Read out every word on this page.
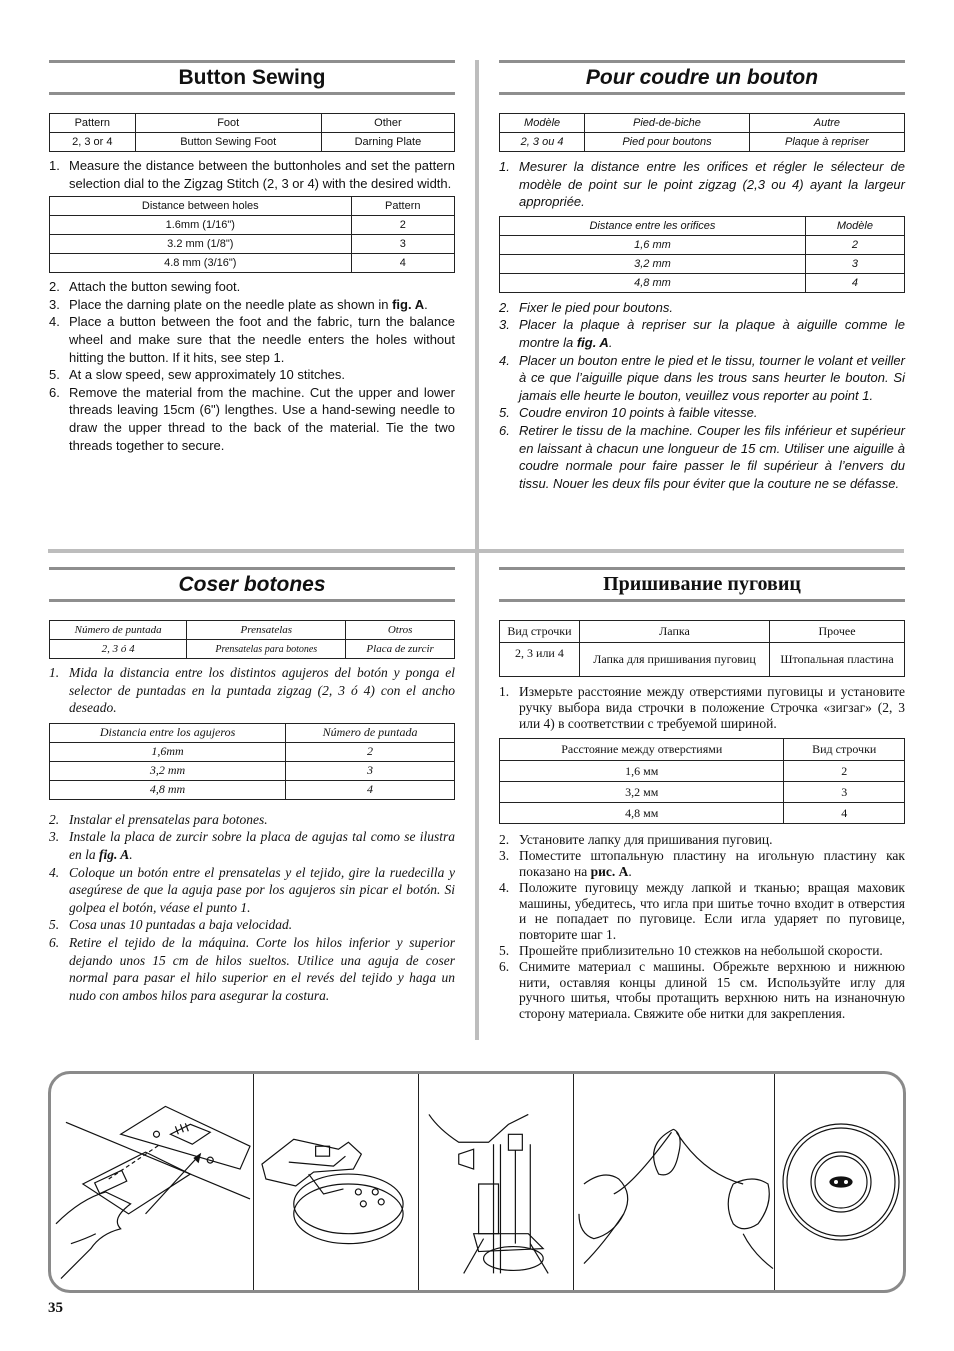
Button Sewing
Pattern	Foot	Other
2, 3 or 4	Button Sewing Foot	Darning Plate
1. Measure the distance between the buttonholes and set the pattern selection dial to the Zigzag Stitch (2, 3 or 4) with the desired width.
Distance between holes	Pattern
1.6mm (1/16")	2
3.2 mm (1/8")	3
4.8 mm (3/16")	4
2. Attach the button sewing foot.
3. Place the darning plate on the needle plate as shown in fig. A.
4. Place a button between the foot and the fabric, turn the balance wheel and make sure that the needle enters the holes without hitting the button. If it hits, see step 1.
5. At a slow speed, sew approximately 10 stitches.
6. Remove the material from the machine. Cut the upper and lower threads leaving 15cm (6") lengthes. Use a hand-sewing needle to draw the upper thread to the back of the material. Tie the two threads together to secure.
Pour coudre un bouton
Modèle	Pied-de-biche	Autre
2, 3 ou 4	Pied pour boutons	Plaque à repriser
1. Mesurer la distance entre les orifices et régler le sélecteur de modèle de point sur le point zigzag (2,3 ou 4) ayant la largeur appropriée.
Distance entre les orifices	Modèle
1,6 mm	2
3,2 mm	3
4,8 mm	4
2. Fixer le pied pour boutons.
3. Placer la plaque à repriser sur la plaque à aiguille comme le montre la fig. A.
4. Placer un bouton entre le pied et le tissu, tourner le volant et veiller à ce que l’aiguille pique dans les trous sans heurter le bouton. Si jamais elle heurte le bouton, veuillez vous reporter au point 1.
5. Coudre environ 10 points à faible vitesse.
6. Retirer le tissu de la machine. Couper les fils inférieur et supérieur en laissant à chacun une longueur de 15 cm. Utiliser une aiguille à coudre normale pour faire passer le fil supérieur à l’envers du tissu. Nouer les deux fils pour éviter que la couture ne se défasse.
Coser botones
Número de puntada	Prensatelas	Otros
2, 3 ó 4	Prensatelas para botones	Placa de zurcir
1. Mida la distancia entre los distintos agujeros del botón y ponga el selector de puntadas en la puntada zigzag (2, 3 ó 4) con el ancho deseado.
Distancia entre los agujeros	Número de puntada
1,6mm	2
3,2 mm	3
4,8 mm	4
2. Instalar el prensatelas para botones.
3. Instale la placa de zurcir sobre la placa de agujas tal como se ilustra en la fig. A.
4. Coloque un botón entre el prensatelas y el tejido, gire la ruedecilla y asegúrese de que la aguja pase por los agujeros sin picar el botón. Si golpea el botón, véase el punto 1.
5. Cosa unas 10 puntadas a baja velocidad.
6. Retire el tejido de la máquina. Corte los hilos inferior y superior dejando unos 15 cm de hilos sueltos. Utilice una aguja de coser normal para pasar el hilo superior en el revés del tejido y haga un nudo con ambos hilos para asegurar la costura.
Пришивание пуговиц
Вид строчки	Лапка	Прочее
2, 3 или 4	Лапка для пришивания пуговиц	Штопальная пластина
1. Измерьте расстояние между отверстиями пуговицы и установите ручку выбора вида строчки в положение Строчка «зигзаг» (2, 3 или 4) в соответствии с требуемой шириной.
Расстояние между отверстиями	Вид строчки
1,6 мм	2
3,2 мм	3
4,8 мм	4
2. Установите лапку для пришивания пуговиц.
3. Поместите штопальную пластину на игольную пластину как показано на рис. А.
4. Положите пуговицу между лапкой и тканью; вращая маховик машины, убедитесь, что игла при шитье точно входит в отверстия и не попадает по пуговице. Если игла ударяет по пуговице, повторите шаг 1.
5. Прошейте приблизительно 10 стежков на небольшой скорости.
6. Снимите материал с машины. Обрежьте верхнюю и нижнюю нити, оставляя концы длиной 15 см. Используйте иглу для ручного шитья, чтобы протащить верхнюю нить на изнаночную сторону материала. Свяжите обе нитки для закрепления.
35
